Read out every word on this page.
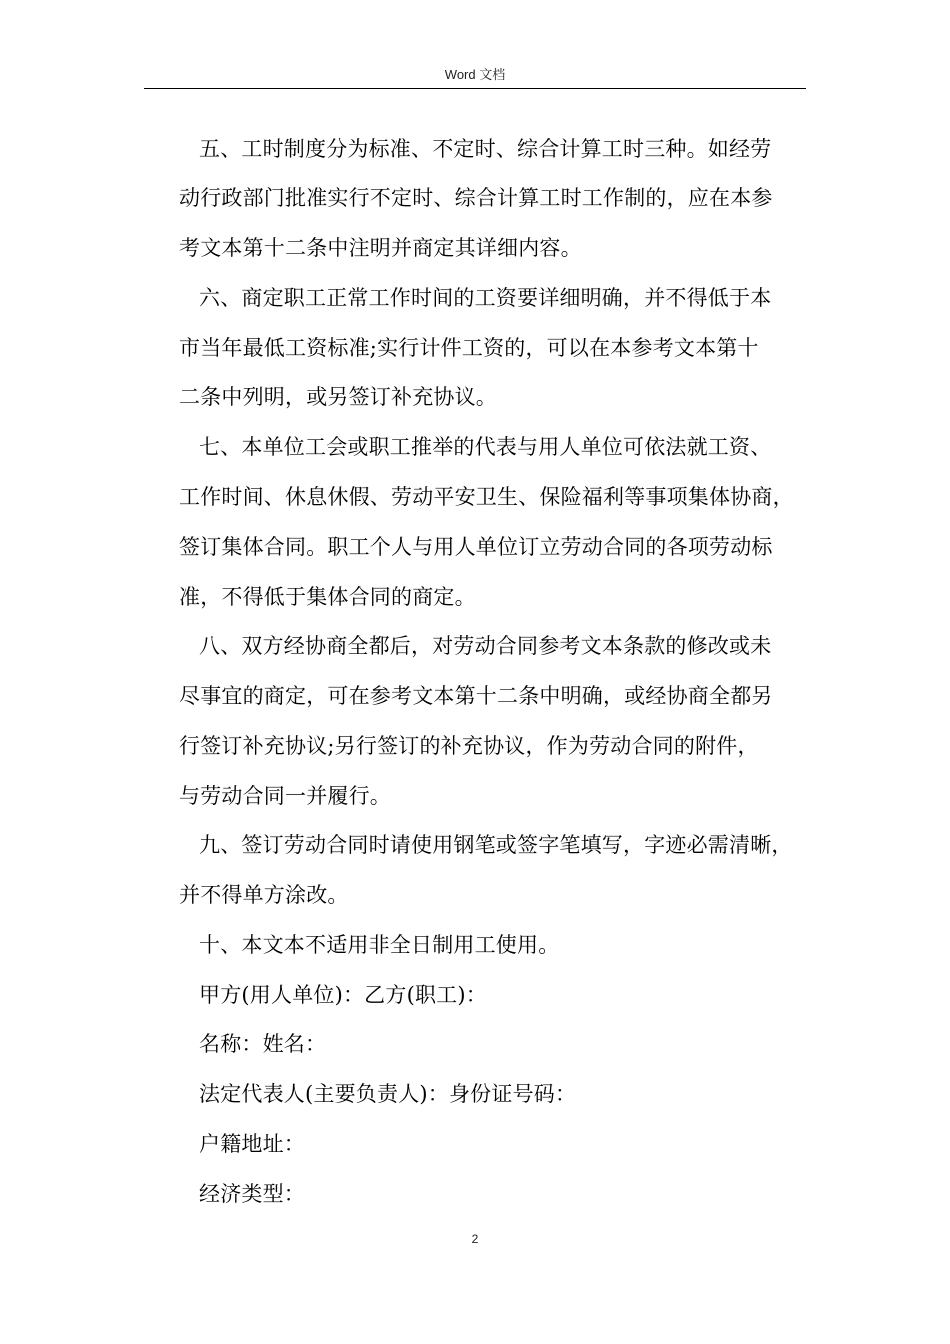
Word 文档
五、工时制度分为标准、不定时、综合计算工时三种。如经劳
动行政部门批准实行不定时、综合计算工时工作制的，应在本参
考文本第十二条中注明并商定其详细内容。
六、商定职工正常工作时间的工资要详细明确，并不得低于本
市当年最低工资标准;实行计件工资的，可以在本参考文本第十
二条中列明，或另签订补充协议。
七、本单位工会或职工推举的代表与用人单位可依法就工资、
工作时间、休息休假、劳动平安卫生、保险福利等事项集体协商，
签订集体合同。职工个人与用人单位订立劳动合同的各项劳动标
准，不得低于集体合同的商定。
八、双方经协商全都后，对劳动合同参考文本条款的修改或未
尽事宜的商定，可在参考文本第十二条中明确，或经协商全都另
行签订补充协议;另行签订的补充协议，作为劳动合同的附件，
与劳动合同一并履行。
九、签订劳动合同时请使用钢笔或签字笔填写，字迹必需清晰，
并不得单方涂改。
十、本文本不适用非全日制用工使用。
甲方(用人单位)：乙方(职工)：
名称：姓名：
法定代表人(主要负责人)：身份证号码：
户籍地址：
经济类型：
2
